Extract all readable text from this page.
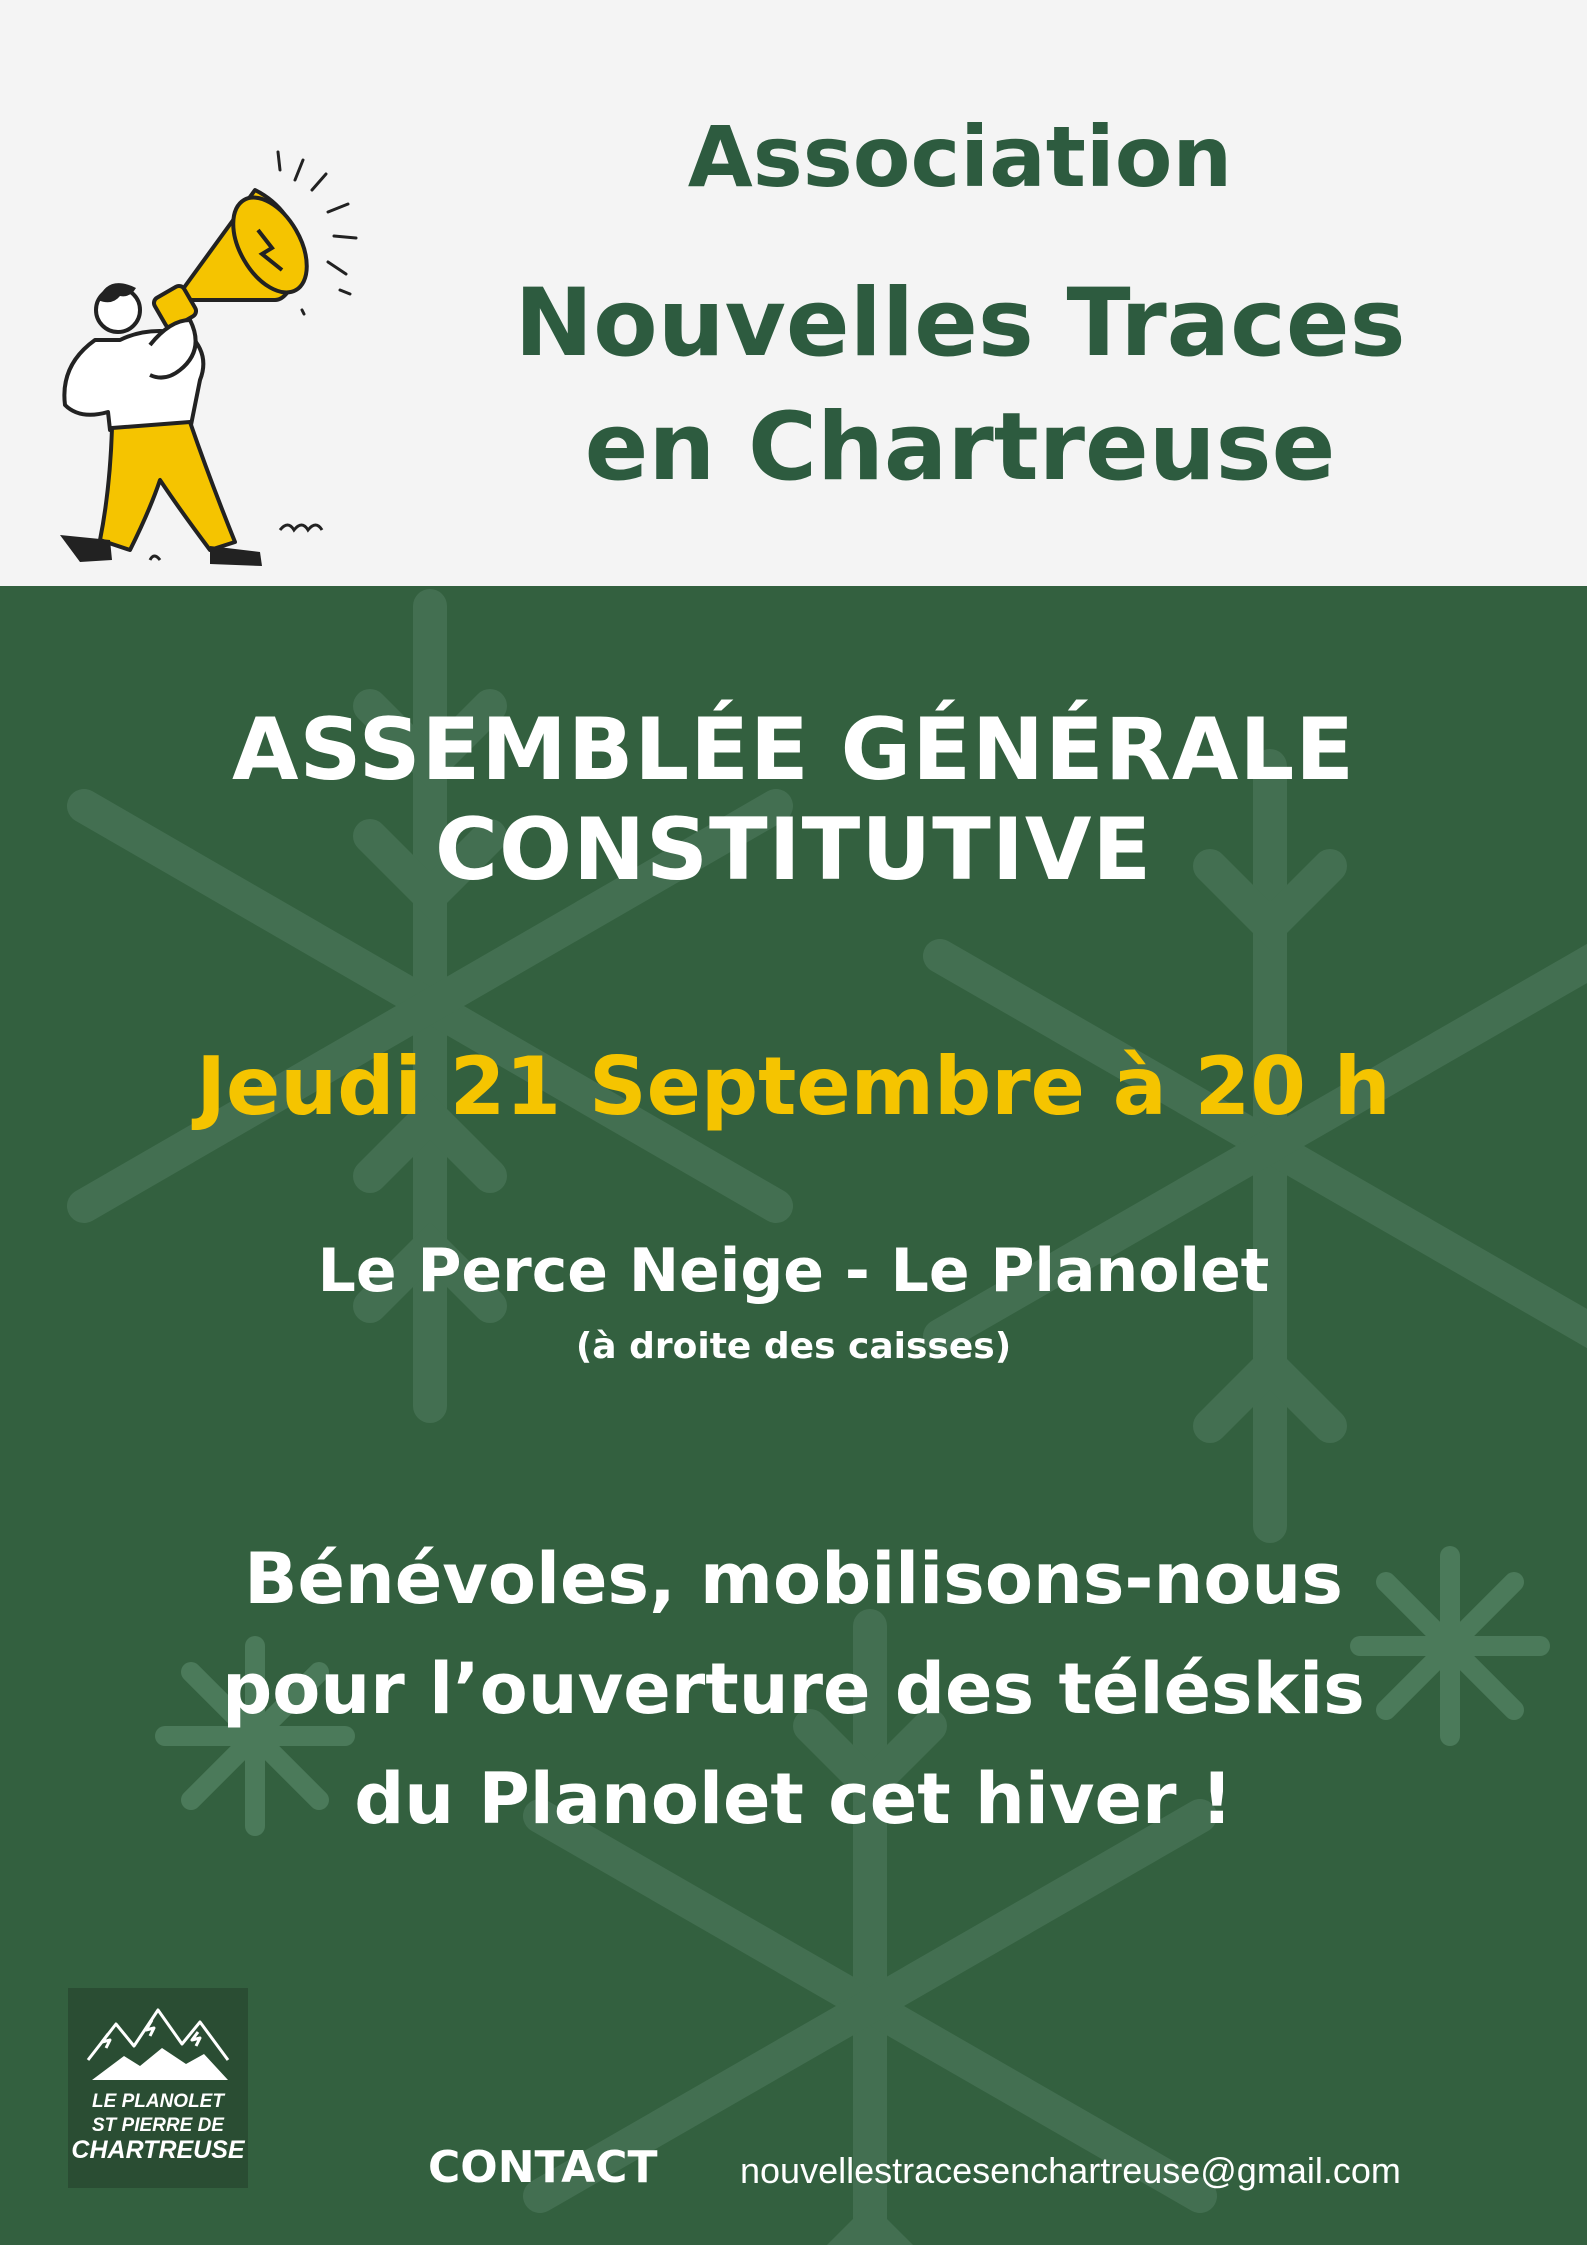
Association
Nouvelles Traces
en Chartreuse
ASSEMBLÉE GÉNÉRALE
CONSTITUTIVE
Jeudi 21 Septembre à 20 h
Le Perce Neige - Le Planolet
(à droite des caisses)
Bénévoles, mobilisons-nous
pour l’ouverture des téléskis
du Planolet cet hiver !
LE PLANOLET
ST PIERRE DE
CHARTREUSE	CONTACT nouvellestracesenchartreuse@gmail.com
